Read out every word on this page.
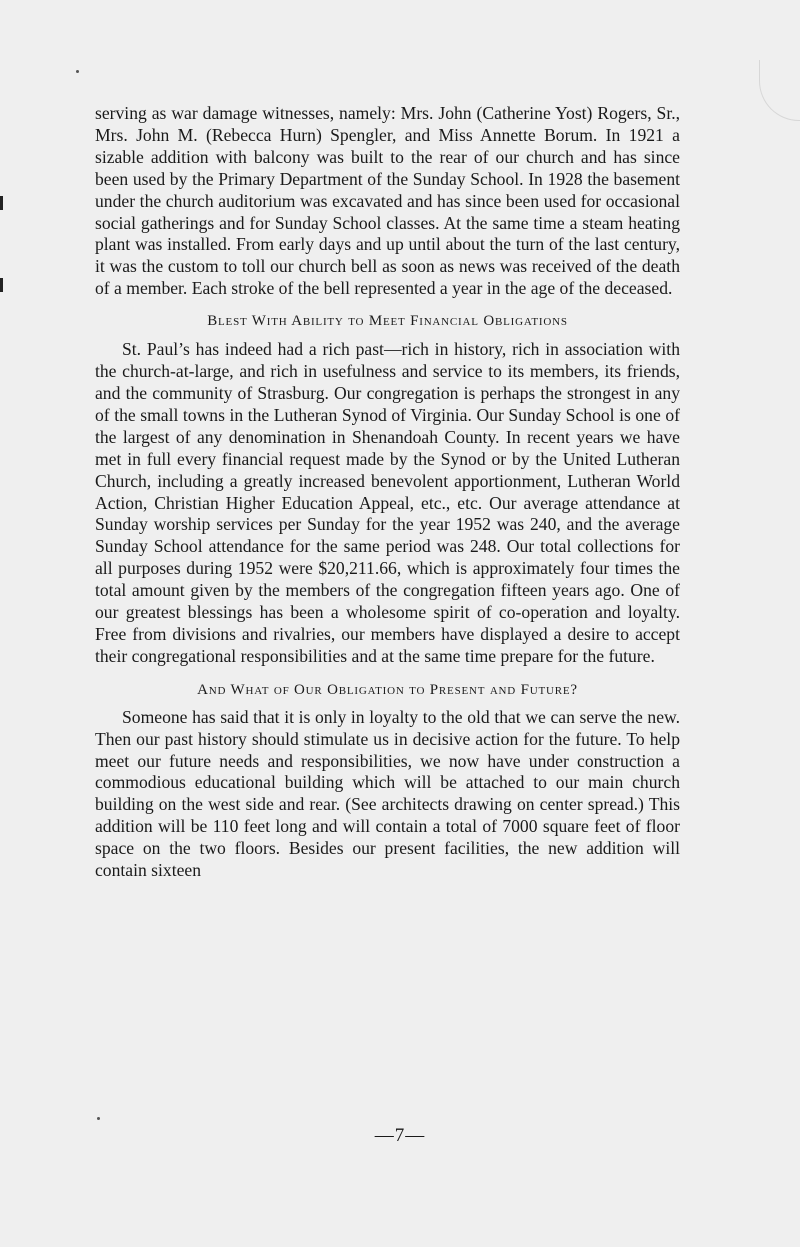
serving as war damage witnesses, namely: Mrs. John (Catherine Yost) Rogers, Sr., Mrs. John M. (Rebecca Hurn) Spengler, and Miss Annette Borum. In 1921 a sizable addition with balcony was built to the rear of our church and has since been used by the Primary Department of the Sunday School. In 1928 the basement under the church auditorium was excavated and has since been used for occasional social gatherings and for Sunday School classes. At the same time a steam heating plant was installed. From early days and up until about the turn of the last century, it was the custom to toll our church bell as soon as news was received of the death of a member. Each stroke of the bell represented a year in the age of the deceased.

Blest With Ability to Meet Financial Obligations

St. Paul’s has indeed had a rich past—rich in history, rich in association with the church-at-large, and rich in usefulness and service to its members, its friends, and the community of Strasburg. Our congregation is perhaps the strongest in any of the small towns in the Lutheran Synod of Virginia. Our Sunday School is one of the largest of any denomination in Shenandoah County. In recent years we have met in full every financial request made by the Synod or by the United Lutheran Church, including a greatly increased benevolent apportionment, Lutheran World Action, Christian Higher Education Appeal, etc., etc. Our average attendance at Sunday worship services per Sunday for the year 1952 was 240, and the average Sunday School attendance for the same period was 248. Our total collections for all purposes during 1952 were $20,211.66, which is approximately four times the total amount given by the members of the congregation fifteen years ago. One of our greatest blessings has been a wholesome spirit of co-operation and loyalty. Free from divisions and rivalries, our members have displayed a desire to accept their congregational responsibilities and at the same time prepare for the future.

And What of Our Obligation to Present and Future?

Someone has said that it is only in loyalty to the old that we can serve the new. Then our past history should stimulate us in decisive action for the future. To help meet our future needs and responsibilities, we now have under construction a commodious educational building which will be attached to our main church building on the west side and rear. (See architects drawing on center spread.) This addition will be 110 feet long and will contain a total of 7000 square feet of floor space on the two floors. Besides our present facilities, the new addition will contain sixteen

—7—
